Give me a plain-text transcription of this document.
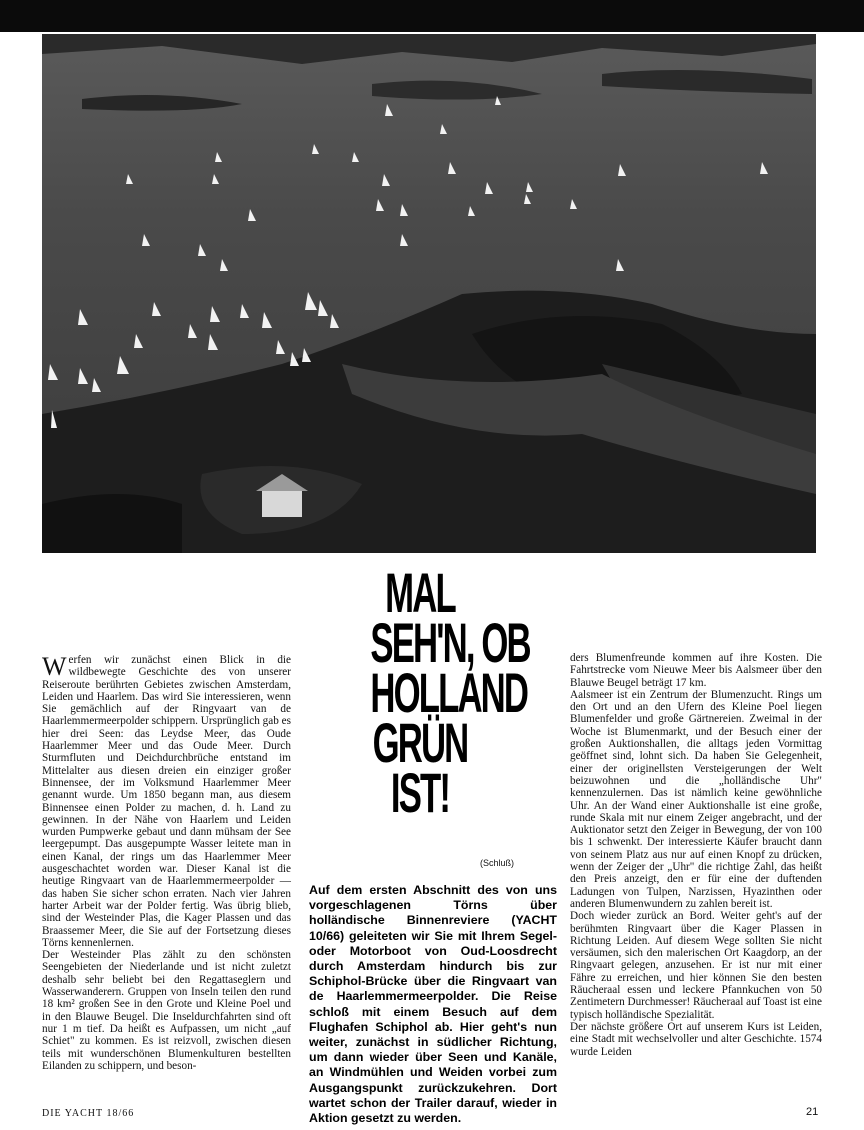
Werfen wir zunächst einen Blick in die wildbewegte Geschichte des von unserer Reiseroute berührten Gebietes zwischen Amsterdam, Leiden und Haarlem. Das wird Sie interessieren, wenn Sie gemächlich auf der Ringvaart van de Haarlemmermeerpolder schippern. Ursprünglich gab es hier drei Seen: das Leydse Meer, das Oude Haarlemmer Meer und das Oude Meer. Durch Sturmfluten und Deichdurchbrüche entstand im Mittelalter aus diesen dreien ein einziger großer Binnensee, der im Volksmund Haarlemmer Meer genannt wurde. Um 1850 begann man, aus diesem Binnensee einen Polder zu machen, d. h. Land zu gewinnen. In der Nähe von Haarlem und Leiden wurden Pumpwerke gebaut und dann mühsam der See leergepumpt. Das ausgepumpte Wasser leitete man in einen Kanal, der rings um das Haarlemmer Meer ausgeschachtet worden war. Dieser Kanal ist die heutige Ringvaart van de Haarlemmermeerpolder — das haben Sie sicher schon erraten. Nach vier Jahren harter Arbeit war der Polder fertig. Was übrig blieb, sind der Westeinder Plas, die Kager Plassen und das Braassemer Meer, die Sie auf der Fortsetzung dieses Törns kennenlernen.

Der Westeinder Plas zählt zu den schönsten Seengebieten der Niederlande und ist nicht zuletzt deshalb sehr beliebt bei den Regattaseglern und Wasserwanderern. Gruppen von Inseln teilen den rund 18 km² großen See in den Grote und Kleine Poel und in den Blauwe Beugel. Die Inseldurchfahrten sind oft nur 1 m tief. Da heißt es Aufpassen, um nicht „auf Schiet" zu kommen. Es ist reizvoll, zwischen diesen teils mit wunderschönen Blumenkulturen bestellten Eilanden zu schippern, und beson-

MAL
SEH'N, OB
HOLLAND
GRÜN
IST!
(Schluß)
Auf dem ersten Abschnitt des von uns vorgeschlagenen Törns über holländische Binnenreviere (YACHT 10/66) geleiteten wir Sie mit Ihrem Segel- oder Motorboot von Oud-Loosdrecht durch Amsterdam hindurch bis zur Schiphol-Brücke über die Ringvaart van de Haarlemmermeerpolder. Die Reise schloß mit einem Besuch auf dem Flughafen Schiphol ab. Hier geht's nun weiter, zunächst in südlicher Richtung, um dann wieder über Seen und Kanäle, an Windmühlen und Weiden vorbei zum Ausgangspunkt zurückzukehren. Dort wartet schon der Trailer darauf, wieder in Aktion gesetzt zu werden.

ders Blumenfreunde kommen auf ihre Kosten. Die Fahrtstrecke vom Nieuwe Meer bis Aalsmeer über den Blauwe Beugel beträgt 17 km.

Aalsmeer ist ein Zentrum der Blumenzucht. Rings um den Ort und an den Ufern des Kleine Poel liegen Blumenfelder und große Gärtnereien. Zweimal in der Woche ist Blumenmarkt, und der Besuch einer der großen Auktionshallen, die alltags jeden Vormittag geöffnet sind, lohnt sich. Da haben Sie Gelegenheit, einer der originellsten Versteigerungen der Welt beizuwohnen und die „holländische Uhr" kennenzulernen. Das ist nämlich keine gewöhnliche Uhr. An der Wand einer Auktionshalle ist eine große, runde Skala mit nur einem Zeiger angebracht, und der Auktionator setzt den Zeiger in Bewegung, der von 100 bis 1 schwenkt. Der interessierte Käufer braucht dann von seinem Platz aus nur auf einen Knopf zu drücken, wenn der Zeiger der „Uhr" die richtige Zahl, das heißt den Preis anzeigt, den er für eine der duftenden Ladungen von Tulpen, Narzissen, Hyazinthen oder anderen Blumenwundern zu zahlen bereit ist.

Doch wieder zurück an Bord. Weiter geht's auf der berühmten Ringvaart über die Kager Plassen in Richtung Leiden. Auf diesem Wege sollten Sie nicht versäumen, sich den malerischen Ort Kaagdorp, an der Ringvaart gelegen, anzusehen. Er ist nur mit einer Fähre zu erreichen, und hier können Sie den besten Räucheraal essen und leckere Pfannkuchen von 50 Zentimetern Durchmesser! Räucheraal auf Toast ist eine typisch holländische Spezialität.

Der nächste größere Ort auf unserem Kurs ist Leiden, eine Stadt mit wechselvoller und alter Geschichte. 1574 wurde Leiden

DIE YACHT 18/66	21
